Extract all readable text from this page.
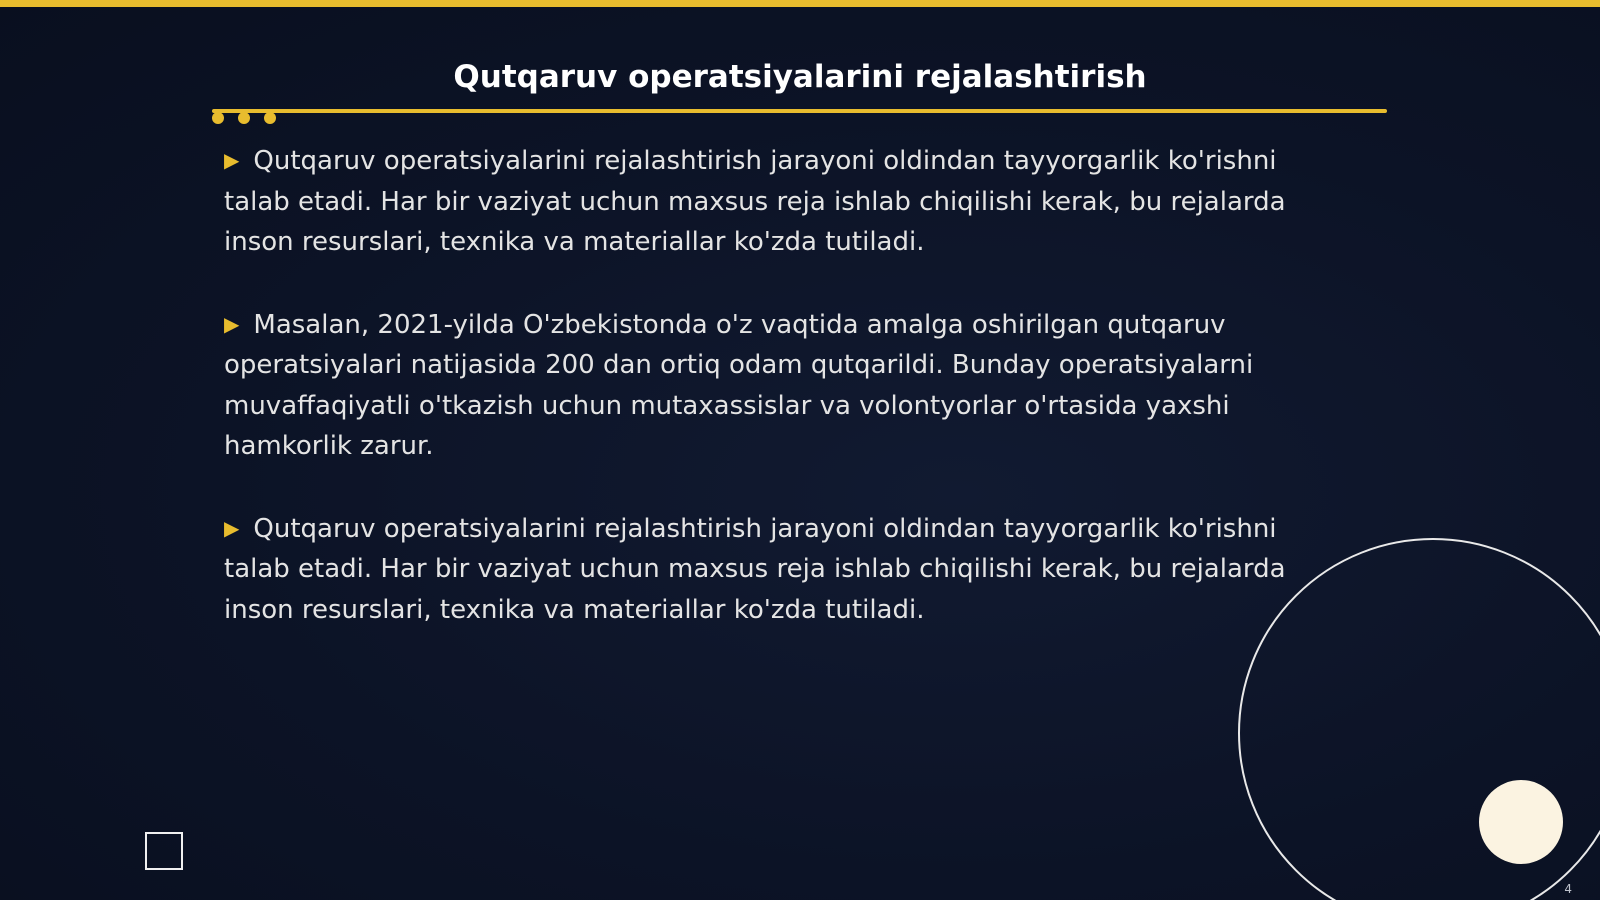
Qutqaruv operatsiyalarini rejalashtirish

▶ Qutqaruv operatsiyalarini rejalashtirish jarayoni oldindan tayyorgarlik ko'rishni talab etadi. Har bir vaziyat uchun maxsus reja ishlab chiqilishi kerak, bu rejalarda inson resurslari, texnika va materiallar ko'zda tutiladi.

▶ Masalan, 2021-yilda O'zbekistonda o'z vaqtida amalga oshirilgan qutqaruv operatsiyalari natijasida 200 dan ortiq odam qutqarildi. Bunday operatsiyalarni muvaffaqiyatli o'tkazish uchun mutaxassislar va volontyorlar o'rtasida yaxshi hamkorlik zarur.

▶ Qutqaruv operatsiyalarini rejalashtirish jarayoni oldindan tayyorgarlik ko'rishni talab etadi. Har bir vaziyat uchun maxsus reja ishlab chiqilishi kerak, bu rejalarda inson resurslari, texnika va materiallar ko'zda tutiladi.

4
